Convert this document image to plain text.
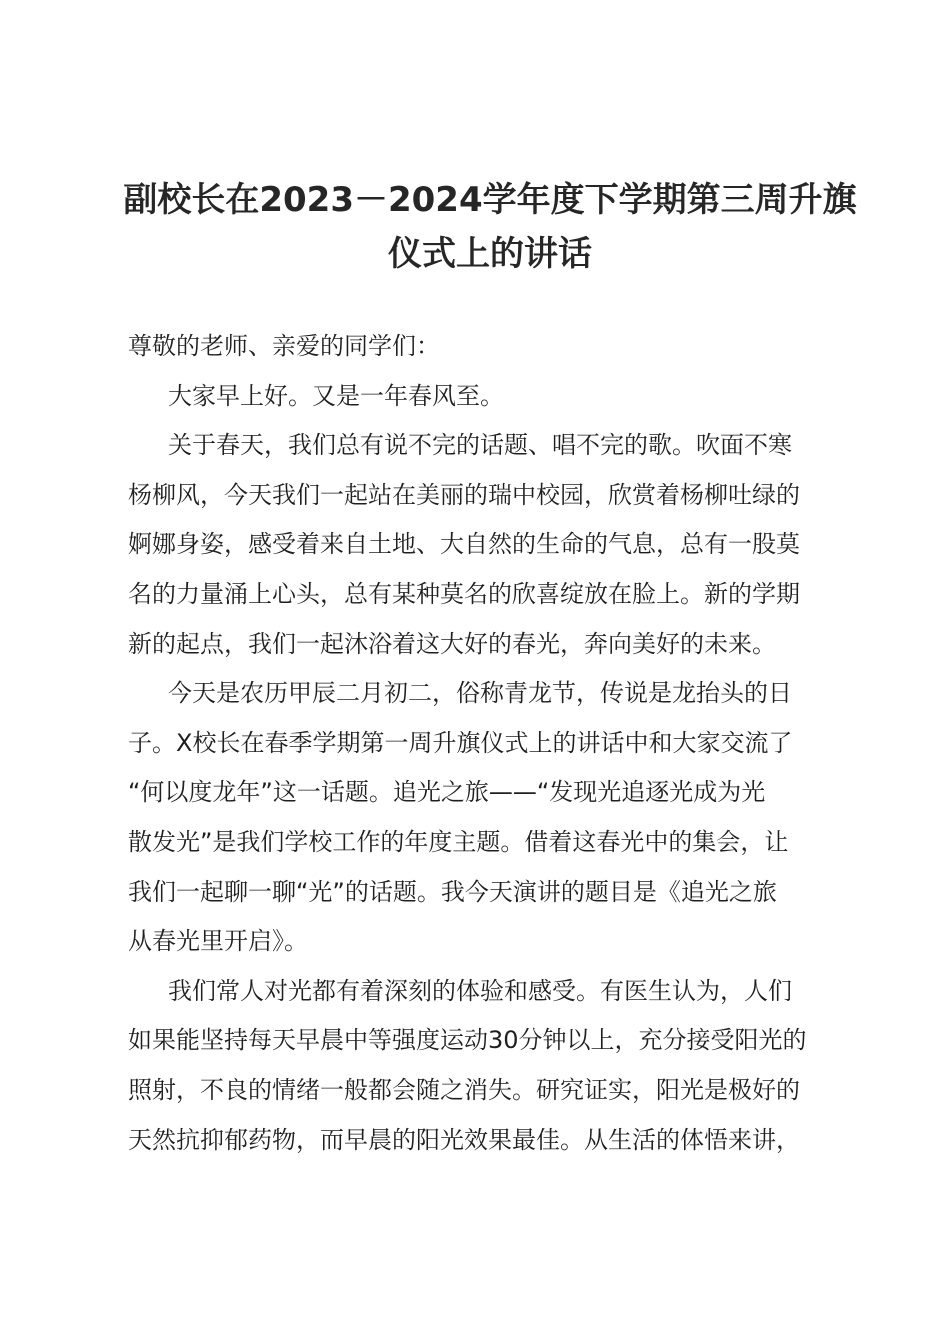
副校长在2023－2024学年度下学期第三周升旗
仪式上的讲话
尊敬的老师、亲爱的同学们：
大家早上好。又是一年春风至。
关于春天，我们总有说不完的话题、唱不完的歌。吹面不寒
杨柳风，今天我们一起站在美丽的瑞中校园，欣赏着杨柳吐绿的
婀娜身姿，感受着来自土地、大自然的生命的气息，总有一股莫
名的力量涌上心头，总有某种莫名的欣喜绽放在脸上。新的学期
新的起点，我们一起沐浴着这大好的春光，奔向美好的未来。
今天是农历甲辰二月初二，俗称青龙节，传说是龙抬头的日
子。X校长在春季学期第一周升旗仪式上的讲话中和大家交流了
“何以度龙年”这一话题。追光之旅——“发现光追逐光成为光
散发光”是我们学校工作的年度主题。借着这春光中的集会，让
我们一起聊一聊“光”的话题。我今天演讲的题目是《追光之旅
从春光里开启》。
我们常人对光都有着深刻的体验和感受。有医生认为，人们
如果能坚持每天早晨中等强度运动30分钟以上，充分接受阳光的
照射，不良的情绪一般都会随之消失。研究证实，阳光是极好的
天然抗抑郁药物，而早晨的阳光效果最佳。从生活的体悟来讲，
